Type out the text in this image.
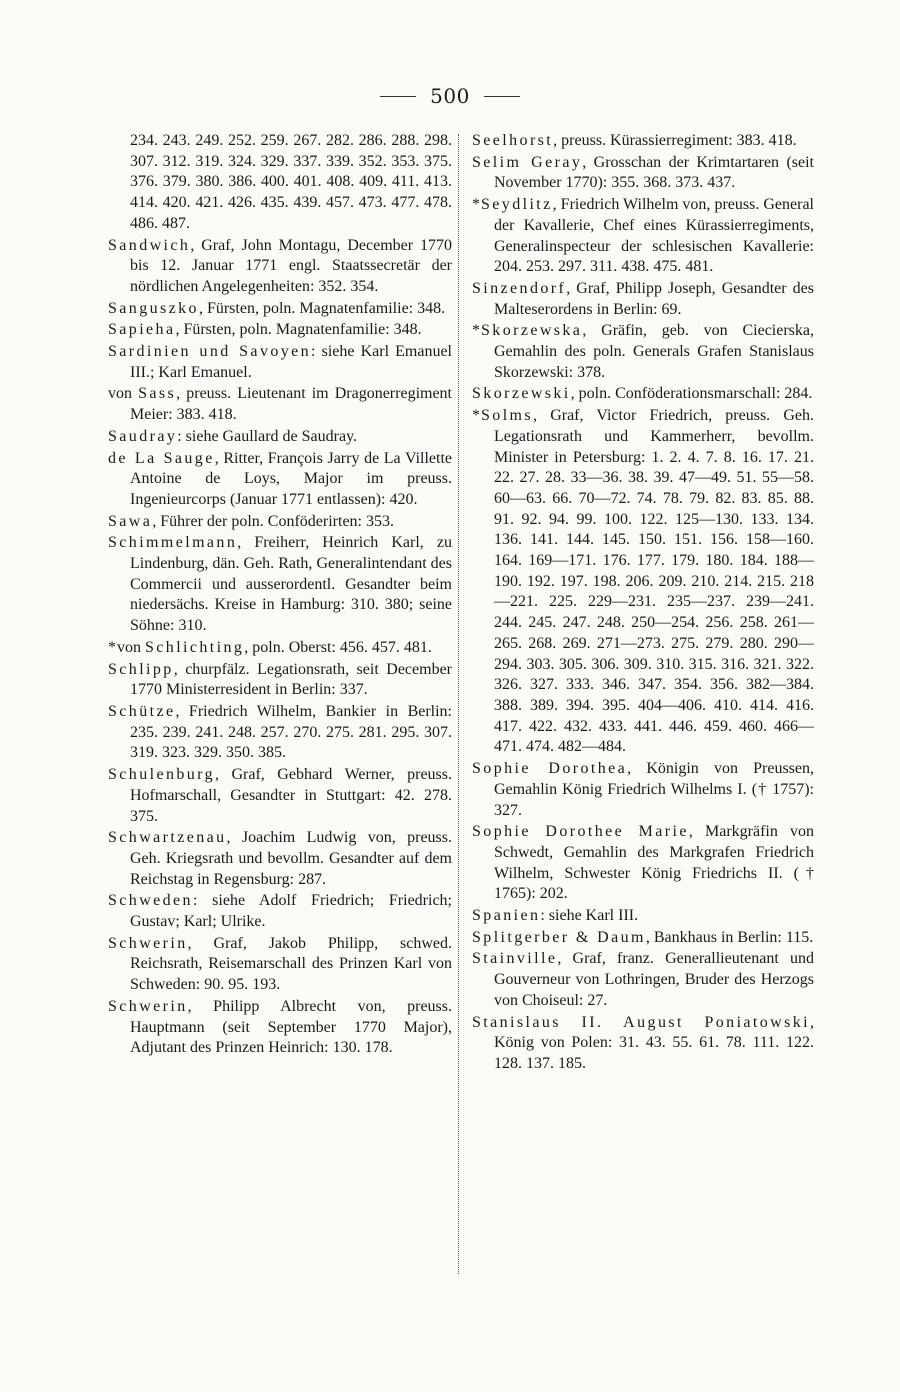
500

234. 243. 249. 252. 259. 267. 282. 286. 288. 298. 307. 312. 319. 324. 329. 337. 339. 352. 353. 375. 376. 379. 380. 386. 400. 401. 408. 409. 411. 413. 414. 420. 421. 426. 435. 439. 457. 473. 477. 478. 486. 487.

Sandwich, Graf, John Montagu, December 1770 bis 12. Januar 1771 engl. Staatssecretär der nördlichen Angelegenheiten: 352. 354.

Sanguszko, Fürsten, poln. Magnatenfamilie: 348.

Sapieha, Fürsten, poln. Magnatenfamilie: 348.

Sardinien und Savoyen: siehe Karl Emanuel III.; Karl Emanuel.

von Sass, preuss. Lieutenant im Dragonerregiment Meier: 383. 418.

Saudray: siehe Gaullard de Saudray.

de La Sauge, Ritter, François Jarry de La Villette Antoine de Loys, Major im preuss. Ingenieurcorps (Januar 1771 entlassen): 420.

Sawa, Führer der poln. Conföderirten: 353.

Schimmelmann, Freiherr, Heinrich Karl, zu Lindenburg, dän. Geh. Rath, Generalintendant des Commercii und ausserordentl. Gesandter beim niedersächs. Kreise in Hamburg: 310. 380; seine Söhne: 310.

*von Schlichting, poln. Oberst: 456. 457. 481.

Schlipp, churpfälz. Legationsrath, seit December 1770 Ministerresident in Berlin: 337.

Schütze, Friedrich Wilhelm, Bankier in Berlin: 235. 239. 241. 248. 257. 270. 275. 281. 295. 307. 319. 323. 329. 350. 385.

Schulenburg, Graf, Gebhard Werner, preuss. Hofmarschall, Gesandter in Stuttgart: 42. 278. 375.

Schwartzenau, Joachim Ludwig von, preuss. Geh. Kriegsrath und bevollm. Gesandter auf dem Reichstag in Regensburg: 287.

Schweden: siehe Adolf Friedrich; Friedrich; Gustav; Karl; Ulrike.

Schwerin, Graf, Jakob Philipp, schwed. Reichsrath, Reisemarschall des Prinzen Karl von Schweden: 90. 95. 193.

Schwerin, Philipp Albrecht von, preuss. Hauptmann (seit September 1770 Major), Adjutant des Prinzen Heinrich: 130. 178.

Seelhorst, preuss. Kürassierregiment: 383. 418.

Selim Geray, Grosschan der Krimtartaren (seit November 1770): 355. 368. 373. 437.

*Seydlitz, Friedrich Wilhelm von, preuss. General der Kavallerie, Chef eines Kürassierregiments, Generalinspecteur der schlesischen Kavallerie: 204. 253. 297. 311. 438. 475. 481.

Sinzendorf, Graf, Philipp Joseph, Gesandter des Malteserordens in Berlin: 69.

*Skorzewska, Gräfin, geb. von Ciecierska, Gemahlin des poln. Generals Grafen Stanislaus Skorzewski: 378.

Skorzewski, poln. Conföderationsmarschall: 284.

*Solms, Graf, Victor Friedrich, preuss. Geh. Legationsrath und Kammerherr, bevollm. Minister in Petersburg: 1. 2. 4. 7. 8. 16. 17. 21. 22. 27. 28. 33—36. 38. 39. 47—49. 51. 55—58. 60—63. 66. 70—72. 74. 78. 79. 82. 83. 85. 88. 91. 92. 94. 99. 100. 122. 125—130. 133. 134. 136. 141. 144. 145. 150. 151. 156. 158—160. 164. 169—171. 176. 177. 179. 180. 184. 188—190. 192. 197. 198. 206. 209. 210. 214. 215. 218—221. 225. 229—231. 235—237. 239—241. 244. 245. 247. 248. 250—254. 256. 258. 261—265. 268. 269. 271—273. 275. 279. 280. 290—294. 303. 305. 306. 309. 310. 315. 316. 321. 322. 326. 327. 333. 346. 347. 354. 356. 382—384. 388. 389. 394. 395. 404—406. 410. 414. 416. 417. 422. 432. 433. 441. 446. 459. 460. 466—471. 474. 482—484.

Sophie Dorothea, Königin von Preussen, Gemahlin König Friedrich Wilhelms I. († 1757): 327.

Sophie Dorothee Marie, Markgräfin von Schwedt, Gemahlin des Markgrafen Friedrich Wilhelm, Schwester König Friedrichs II. († 1765): 202.

Spanien: siehe Karl III.

Splitgerber & Daum, Bankhaus in Berlin: 115.

Stainville, Graf, franz. Generallieutenant und Gouverneur von Lothringen, Bruder des Herzogs von Choiseul: 27.

Stanislaus II. August Poniatowski, König von Polen: 31. 43. 55. 61. 78. 111. 122. 128. 137. 185.
